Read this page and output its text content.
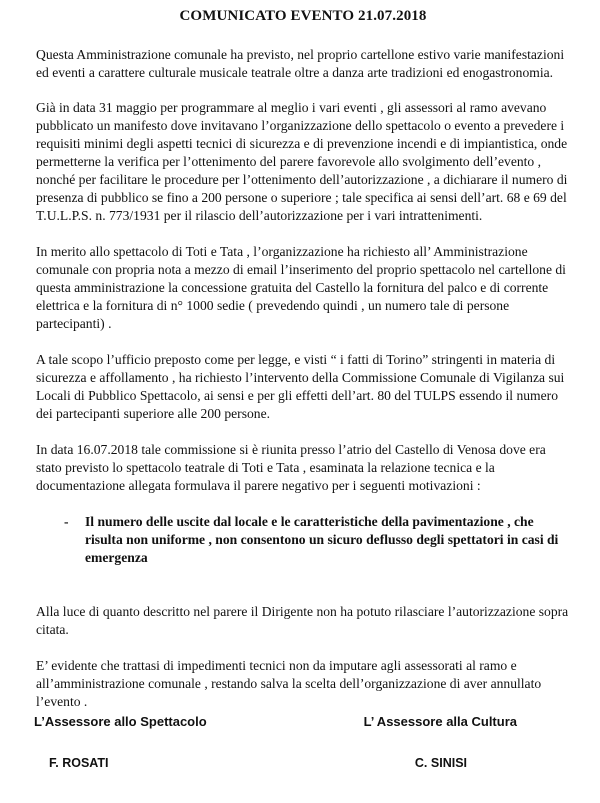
COMUNICATO EVENTO 21.07.2018

Questa Amministrazione comunale ha previsto, nel proprio cartellone estivo varie manifestazioni ed eventi a carattere culturale musicale teatrale oltre a danza arte tradizioni ed enogastronomia.

Già in data 31 maggio per programmare al meglio i vari eventi , gli assessori al ramo avevano pubblicato un manifesto dove invitavano l’organizzazione dello spettacolo o evento a prevedere i requisiti minimi degli aspetti tecnici di sicurezza e di prevenzione incendi e di impiantistica, onde permetterne la verifica per l’ottenimento del parere favorevole allo svolgimento dell’evento , nonché per facilitare le procedure per l’ottenimento dell’autorizzazione , a dichiarare il numero di presenza di pubblico se fino a 200 persone o superiore ; tale specifica ai sensi dell’art. 68 e 69 del T.U.L.P.S. n. 773/1931 per il rilascio dell’autorizzazione per i vari intrattenimenti.

In merito allo spettacolo di Toti e Tata , l’organizzazione ha richiesto all’ Amministrazione comunale con propria nota a mezzo di email l’inserimento del proprio spettacolo nel cartellone di questa amministrazione la concessione gratuita del Castello la fornitura del palco e di corrente elettrica e la fornitura di n° 1000 sedie ( prevedendo quindi , un numero tale di persone partecipanti) .

A tale scopo l’ufficio preposto come per legge, e visti “ i fatti di Torino” stringenti in materia di sicurezza e affollamento , ha richiesto l’intervento della Commissione Comunale di Vigilanza sui Locali di Pubblico Spettacolo, ai sensi e per gli effetti dell’art. 80 del TULPS essendo il numero dei partecipanti superiore alle 200 persone.

In data 16.07.2018 tale commissione si è riunita presso l’atrio del Castello di Venosa dove era stato previsto lo spettacolo teatrale di Toti e Tata , esaminata la relazione tecnica e la documentazione allegata formulava il parere negativo per i seguenti motivazioni :

-	Il numero delle uscite dal locale e le caratteristiche della pavimentazione , che risulta non uniforme , non consentono un sicuro deflusso degli spettatori in casi di emergenza

Alla luce di quanto descritto nel parere il Dirigente non ha potuto rilasciare l’autorizzazione sopra citata.

E’ evidente che trattasi di impedimenti tecnici non da imputare agli assessorati al ramo e all’amministrazione comunale , restando salva la scelta dell’organizzazione di aver annullato l’evento .

L’Assessore allo Spettacolo	L’ Assessore alla Cultura
F. ROSATI	C. SINISI
